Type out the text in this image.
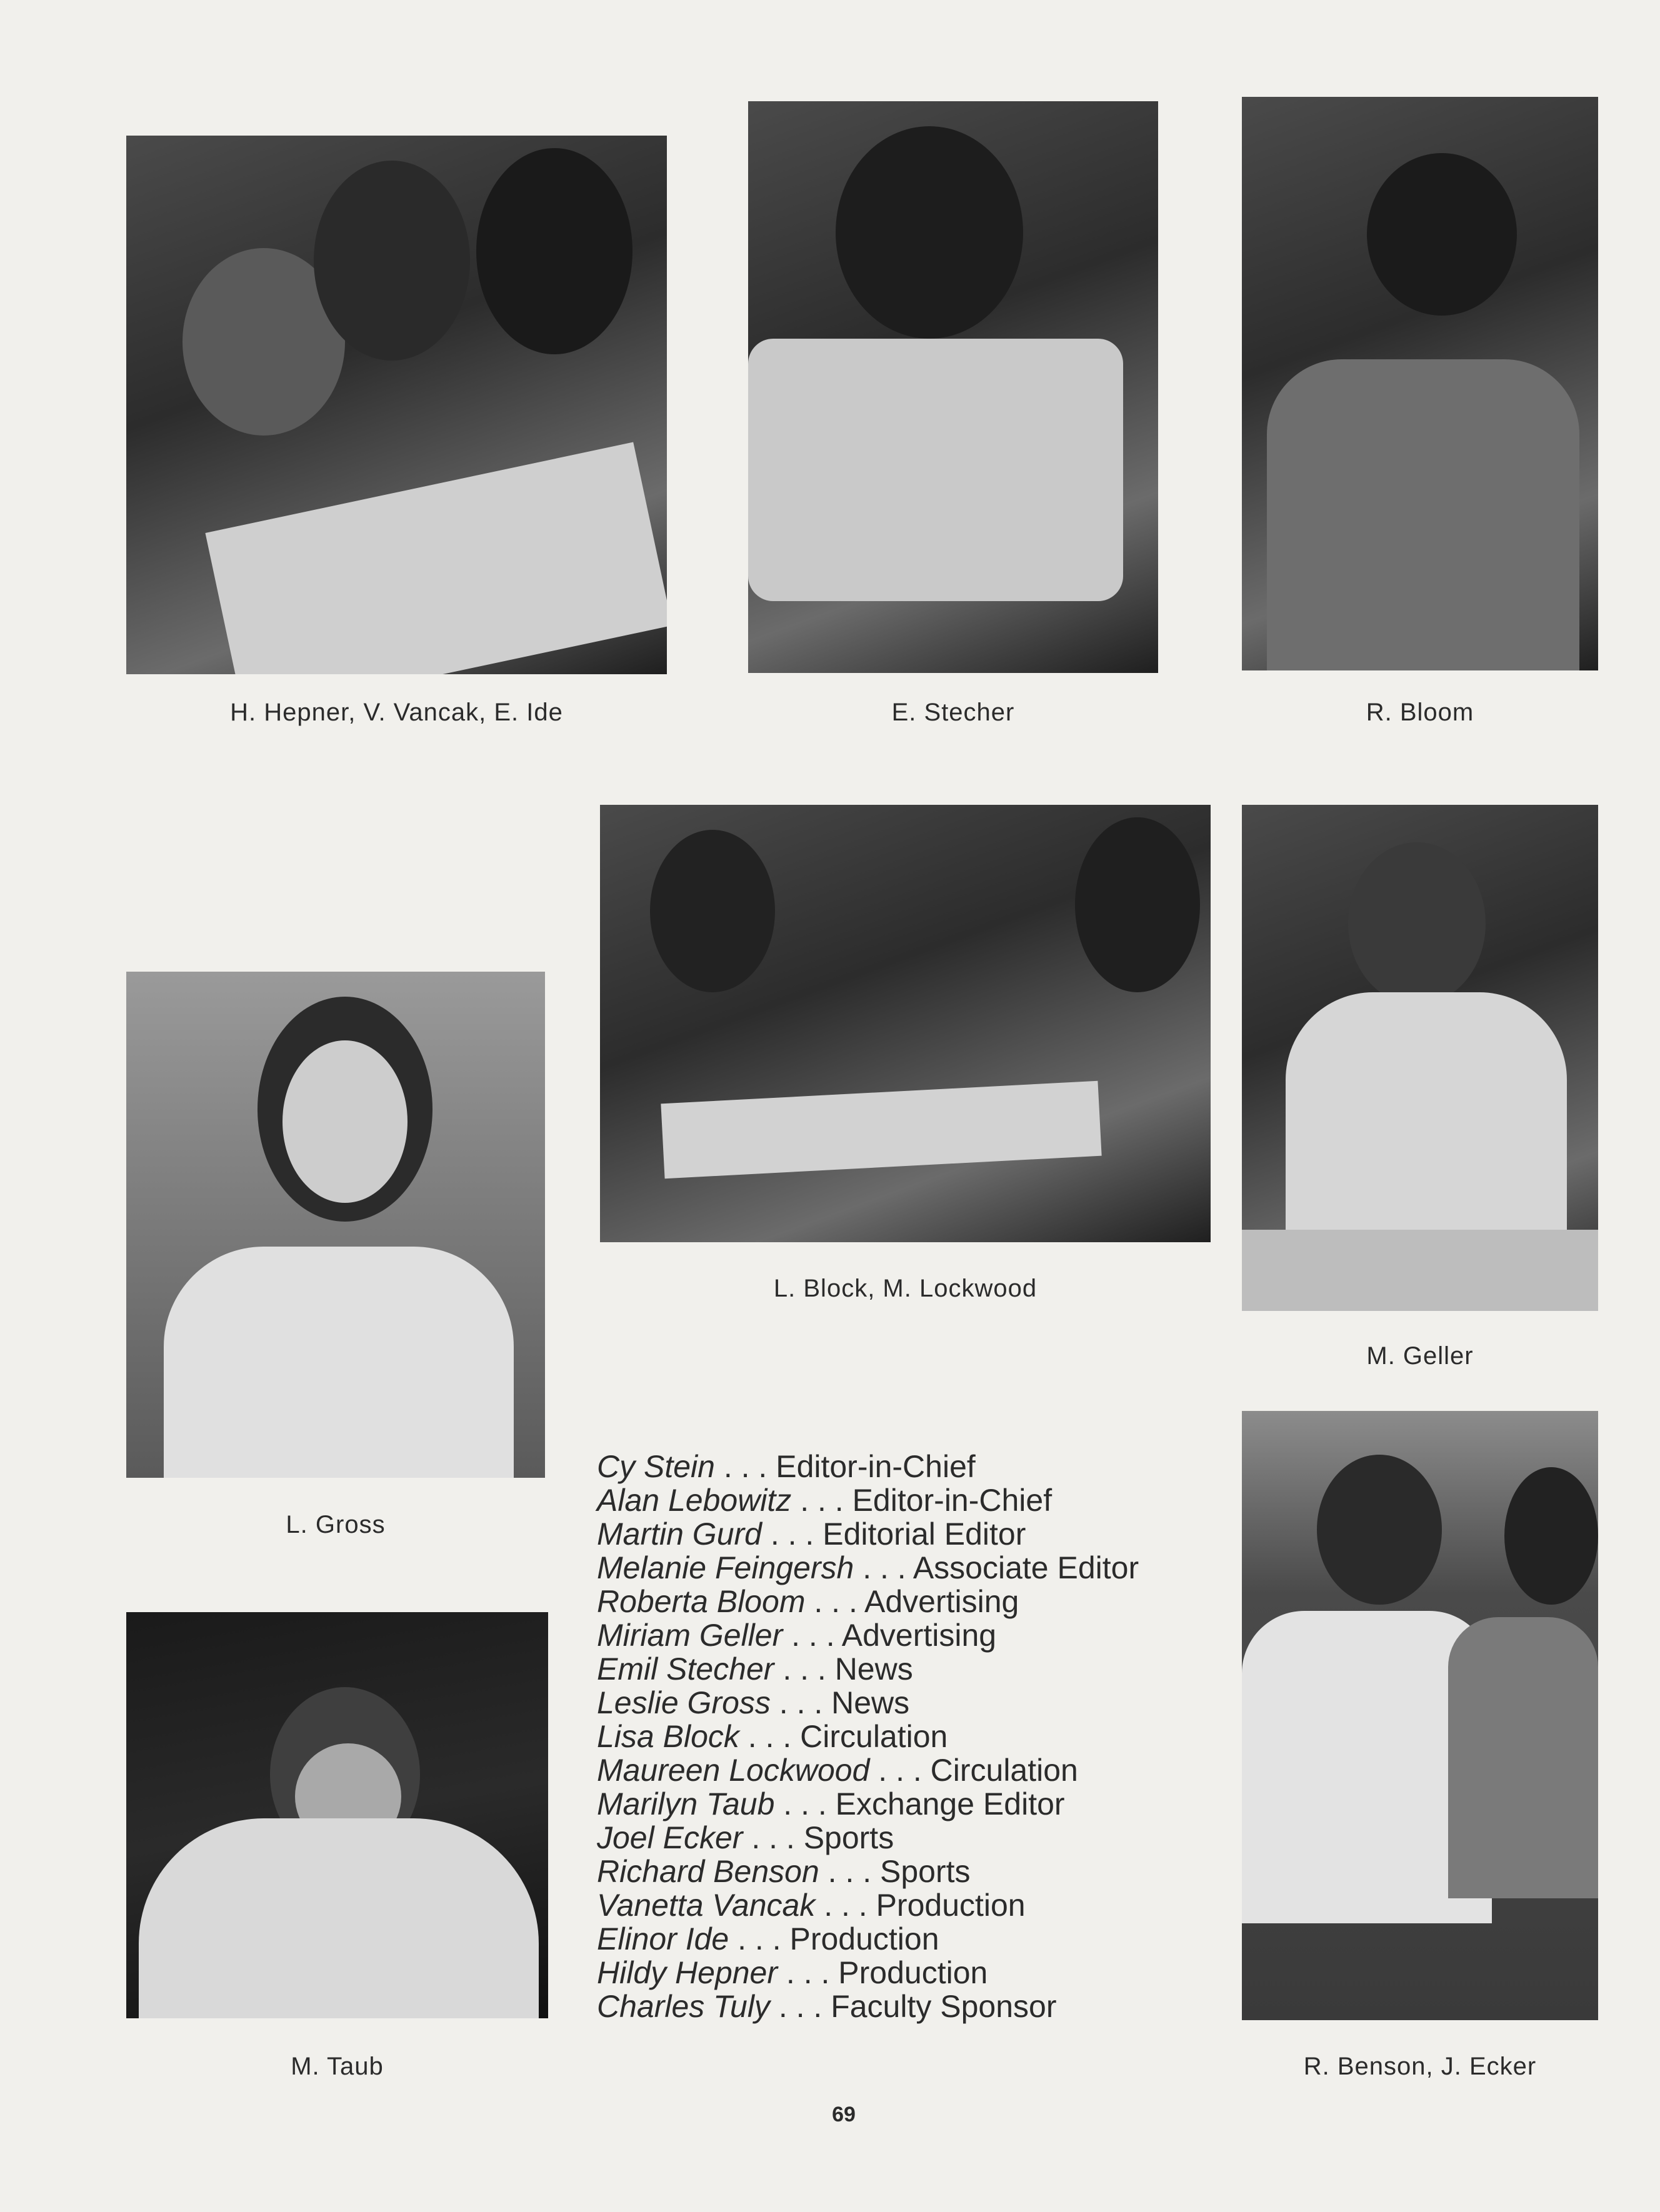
H. Hepner, V. Vancak, E. Ide	E. Stecher	R. Bloom
L. Block, M. Lockwood
M. Geller
L. Gross
M. Taub	R. Benson, J. Ecker
Cy Stein . . . Editor-in-Chief
Alan Lebowitz . . . Editor-in-Chief
Martin Gurd . . . Editorial Editor
Melanie Feingersh . . . Associate Editor
Roberta Bloom . . . Advertising
Miriam Geller . . . Advertising
Emil Stecher . . . News
Leslie Gross . . . News
Lisa Block . . . Circulation
Maureen Lockwood . . . Circulation
Marilyn Taub . . . Exchange Editor
Joel Ecker . . . Sports
Richard Benson . . . Sports
Vanetta Vancak . . . Production
Elinor Ide . . . Production
Hildy Hepner . . . Production
Charles Tuly . . . Faculty Sponsor
69
